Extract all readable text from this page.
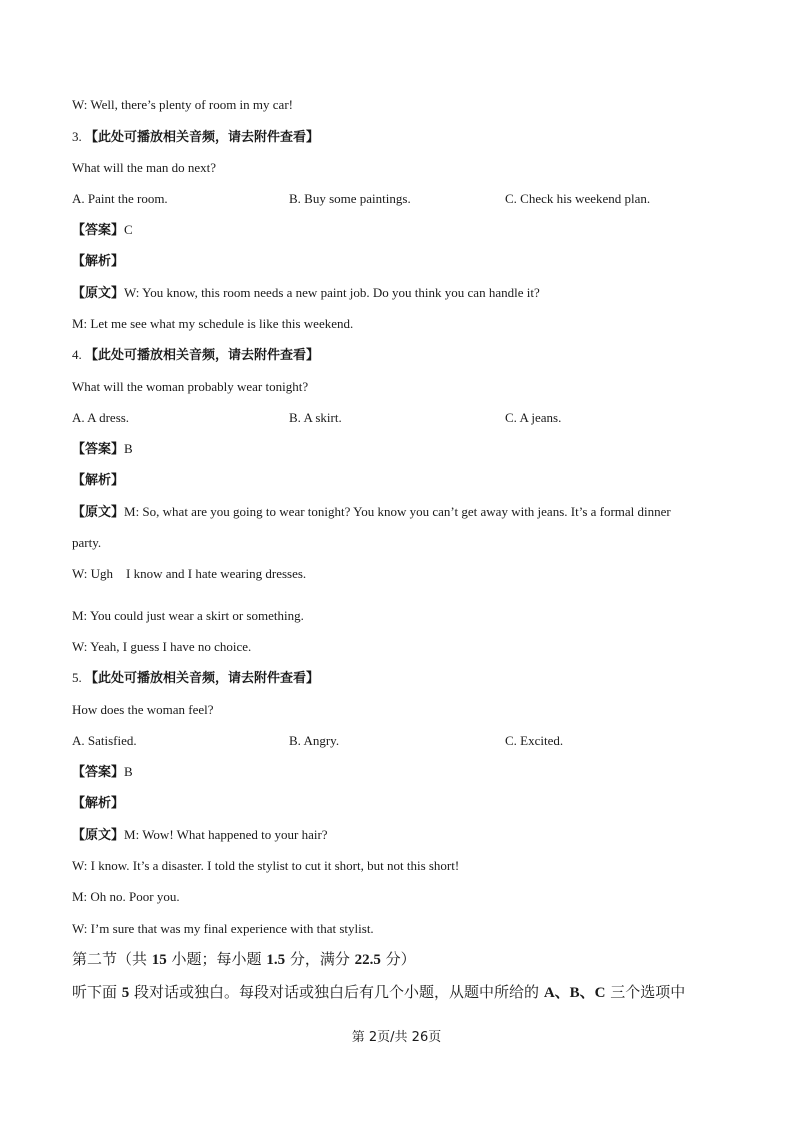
W: Well, there’s plenty of room in my car!
3. 【此处可播放相关音频，请去附件查看】
What will the man do next?
A. Paint the room.	B. Buy some paintings.	C. Check his weekend plan.
【答案】C
【解析】
【原文】W: You know, this room needs a new paint job. Do you think you can handle it?
M: Let me see what my schedule is like this weekend.
4. 【此处可播放相关音频，请去附件查看】
What will the woman probably wear tonight?
A. A dress.	B. A skirt.	C. A jeans.
【答案】B
【解析】
【原文】M: So, what are you going to wear tonight? You know you can’t get away with jeans. It’s a formal dinner
party.
W: Ugh    I know and I hate wearing dresses.
M: You could just wear a skirt or something.
W: Yeah, I guess I have no choice.
5. 【此处可播放相关音频，请去附件查看】
How does the woman feel?
A. Satisfied.	B. Angry.	C. Excited.
【答案】B
【解析】
【原文】M: Wow! What happened to your hair?
W: I know. It’s a disaster. I told the stylist to cut it short, but not this short!
M: Oh no. Poor you.
W: I’m sure that was my final experience with that stylist.
第二节（共 15 小题；每小题 1.5 分，满分 22.5 分）
听下面 5 段对话或独白。每段对话或独白后有几个小题，从题中所给的 A、B、C 三个选项中
第 2页/共 26页
